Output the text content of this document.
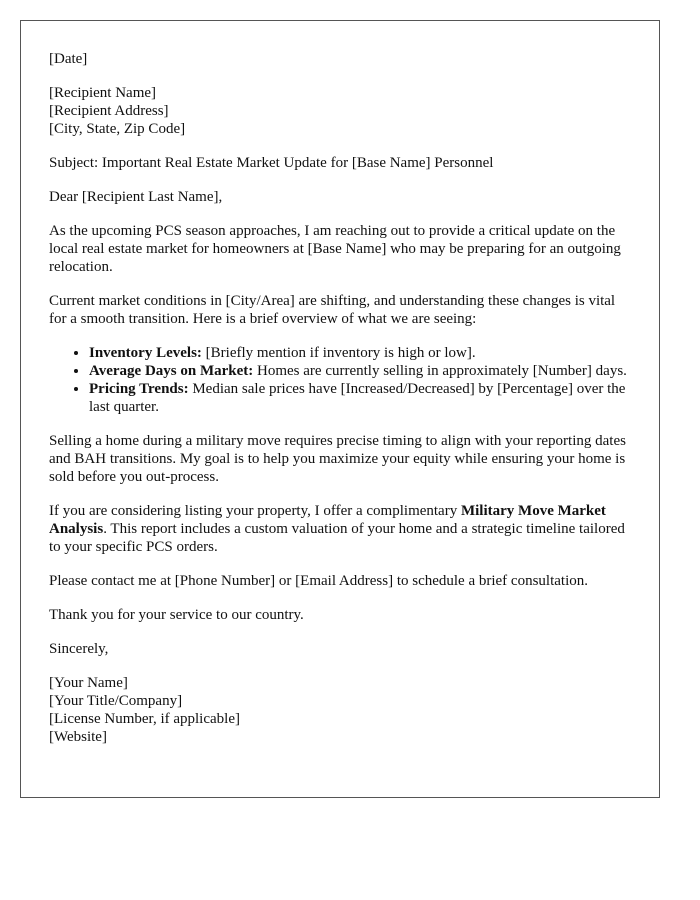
[Date]
[Recipient Name]
[Recipient Address]
[City, State, Zip Code]

Subject: Important Real Estate Market Update for [Base Name] Personnel

Dear [Recipient Last Name],

As the upcoming PCS season approaches, I am reaching out to provide a critical update on the local real estate market for homeowners at [Base Name] who may be preparing for an outgoing relocation.

Current market conditions in [City/Area] are shifting, and understanding these changes is vital for a smooth transition. Here is a brief overview of what we are seeing:

• Inventory Levels: [Briefly mention if inventory is high or low].
• Average Days on Market: Homes are currently selling in approximately [Number] days.
• Pricing Trends: Median sale prices have [Increased/Decreased] by [Percentage] over the last quarter.

Selling a home during a military move requires precise timing to align with your reporting dates and BAH transitions. My goal is to help you maximize your equity while ensuring your home is sold before you out-process.

If you are considering listing your property, I offer a complimentary Military Move Market Analysis. This report includes a custom valuation of your home and a strategic timeline tailored to your specific PCS orders.

Please contact me at [Phone Number] or [Email Address] to schedule a brief consultation.

Thank you for your service to our country.

Sincerely,

[Your Name]
[Your Title/Company]
[License Number, if applicable]
[Website]
